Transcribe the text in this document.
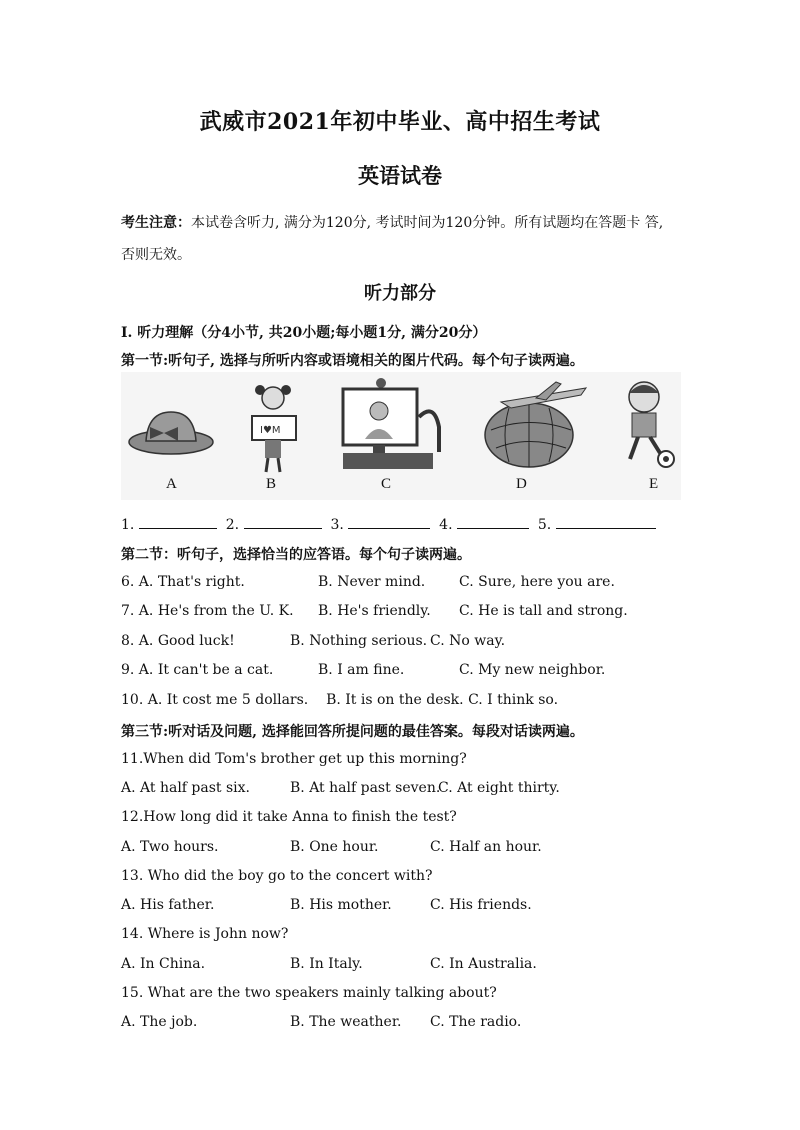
武威市2021年初中毕业、高中招生考试
英语试卷
考生注意：本试卷含听力, 满分为120分, 考试时间为120分钟。所有试题均在答题卡 答, 否则无效。
听力部分
I. 听力理解（分4小节, 共20小题;每小题1分, 满分20分）
第一节:听句子, 选择与所听内容或语境相关的图片代码。每个句子读两遍。
A
I♥M
B	C	D	E
1.	2.	3.	4.	5.
第二节：听句子，选择恰当的应答语。每个句子读两遍。
6. A. That's right.	B. Never mind. C. Sure, here you are.
7. A. He's from the U. K. B. He's friendly. C. He is tall and strong.
8. A. Good luck!	B. Nothing serious. C. No way.
9. A. It can't be a cat.	B. I am fine.	C. My new neighbor.
10. A. It cost me 5 dollars. B. It is on the desk. C. I think so.
第三节:听对话及问题, 选择能回答所提问题的最佳答案。每段对话读两遍。
11.When did Tom's brother get up this morning?
A. At half past six.	B. At half past seven.
C. At eight thirty.
12.How long did it take Anna to finish the test?
A. Two hours.	B. One hour.	C. Half an hour.
13. Who did the boy go to the concert with?
A. His father.	B. His mother.	C. His friends.
14. Where is John now?
A. In China.	B. In Italy.	C. In Australia.
15. What are the two speakers mainly talking about?
A. The job.	B. The weather. C. The radio.
